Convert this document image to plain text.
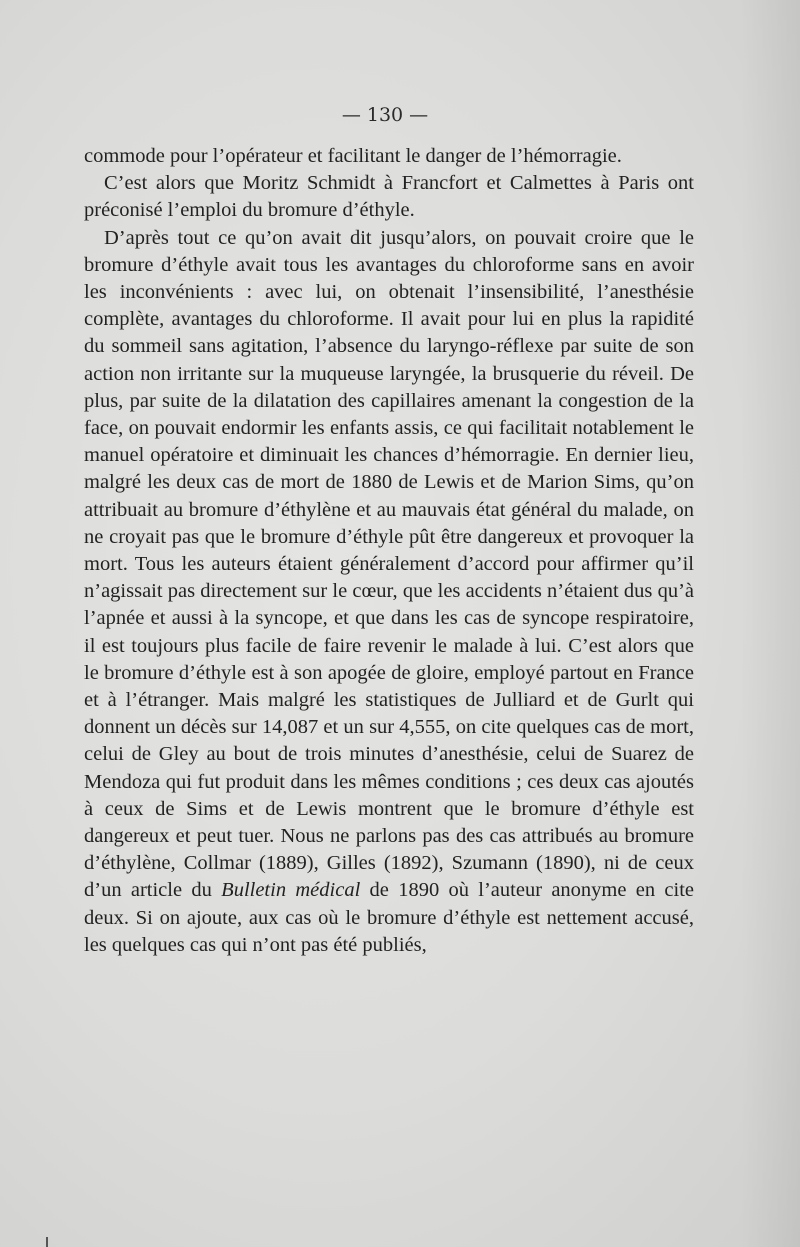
— 130 —

commode pour l’opérateur et facilitant le danger de l’hémorragie.

C’est alors que Moritz Schmidt à Francfort et Calmettes à Paris ont préconisé l’emploi du bromure d’éthyle.

D’après tout ce qu’on avait dit jusqu’alors, on pouvait croire que le bromure d’éthyle avait tous les avantages du chloroforme sans en avoir les inconvénients : avec lui, on obtenait l’insensibilité, l’anesthésie complète, avantages du chloroforme. Il avait pour lui en plus la rapidité du sommeil sans agitation, l’absence du laryngo-réflexe par suite de son action non irritante sur la muqueuse laryngée, la brusquerie du réveil. De plus, par suite de la dilatation des capillaires amenant la congestion de la face, on pouvait endormir les enfants assis, ce qui facilitait notablement le manuel opératoire et diminuait les chances d’hémorragie. En dernier lieu, malgré les deux cas de mort de 1880 de Lewis et de Marion Sims, qu’on attribuait au bromure d’éthylène et au mauvais état général du malade, on ne croyait pas que le bromure d’éthyle pût être dangereux et provoquer la mort. Tous les auteurs étaient généralement d’accord pour affirmer qu’il n’agissait pas directement sur le cœur, que les accidents n’étaient dus qu’à l’apnée et aussi à la syncope, et que dans les cas de syncope respiratoire, il est toujours plus facile de faire revenir le malade à lui. C’est alors que le bromure d’éthyle est à son apogée de gloire, employé partout en France et à l’étranger. Mais malgré les statistiques de Julliard et de Gurlt qui donnent un décès sur 14,087 et un sur 4,555, on cite quelques cas de mort, celui de Gley au bout de trois minutes d’anesthésie, celui de Suarez de Mendoza qui fut produit dans les mêmes conditions ; ces deux cas ajoutés à ceux de Sims et de Lewis montrent que le bromure d’éthyle est dangereux et peut tuer. Nous ne parlons pas des cas attribués au bromure d’éthylène, Collmar (1889), Gilles (1892), Szumann (1890), ni de ceux d’un article du Bulletin médical de 1890 où l’auteur anonyme en cite deux. Si on ajoute, aux cas où le bromure d’éthyle est nettement accusé, les quelques cas qui n’ont pas été publiés,
